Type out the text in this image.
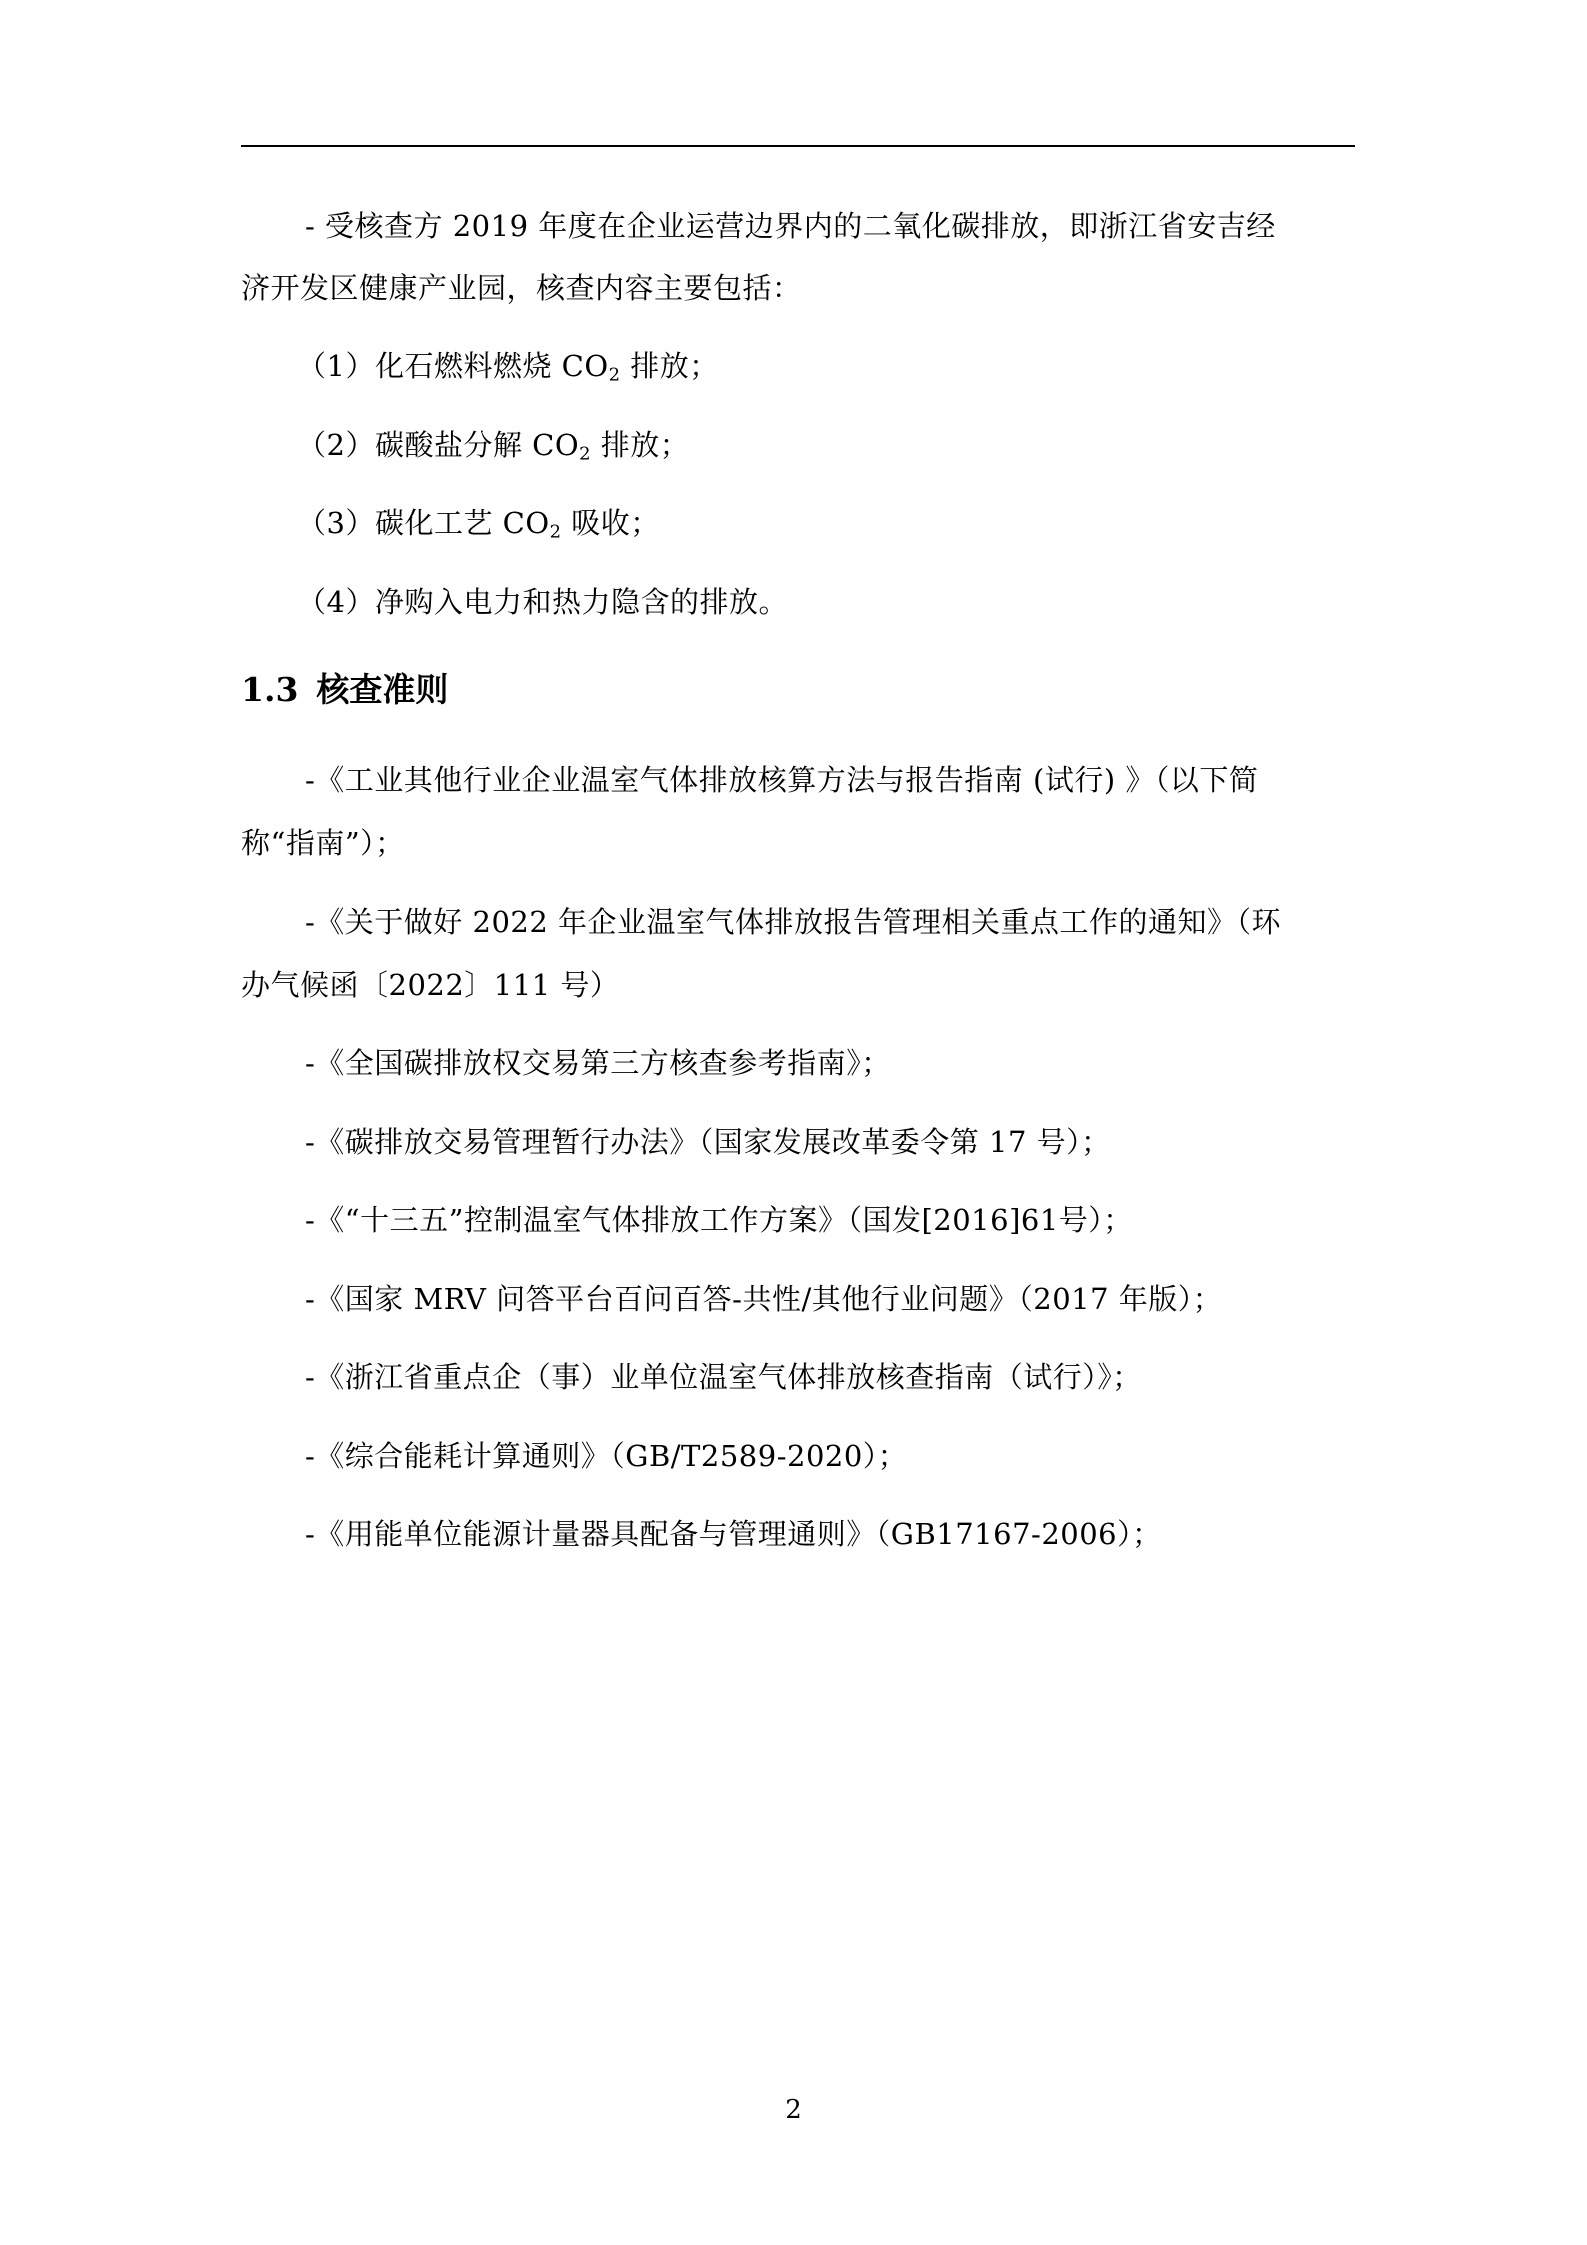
- 受核查方 2019 年度在企业运营边界内的二氧化碳排放，即浙江省安吉经
济开发区健康产业园，核查内容主要包括：
（1）化石燃料燃烧 $CO_2$ 排放；
（2）碳酸盐分解 $CO_2$ 排放；
（3）碳化工艺 $CO_2$ 吸收；
（4）净购入电力和热力隐含的排放。
1.3 核查准则
-《工业其他行业企业温室气体排放核算方法与报告指南 (试行) 》（以下简
称“指南”）；
-《关于做好 2022 年企业温室气体排放报告管理相关重点工作的通知》（环
办气候函〔2022〕111 号）
-《全国碳排放权交易第三方核查参考指南》；
-《碳排放交易管理暂行办法》（国家发展改革委令第 17 号）；
-《“十三五”控制温室气体排放工作方案》（国发[2016]61号）；
-《国家 MRV 问答平台百问百答-共性/其他行业问题》（2017 年版）；
-《浙江省重点企（事）业单位温室气体排放核查指南（试行）》；
-《综合能耗计算通则》（GB/T2589-2020）；
-《用能单位能源计量器具配备与管理通则》（GB17167-2006）；
2
